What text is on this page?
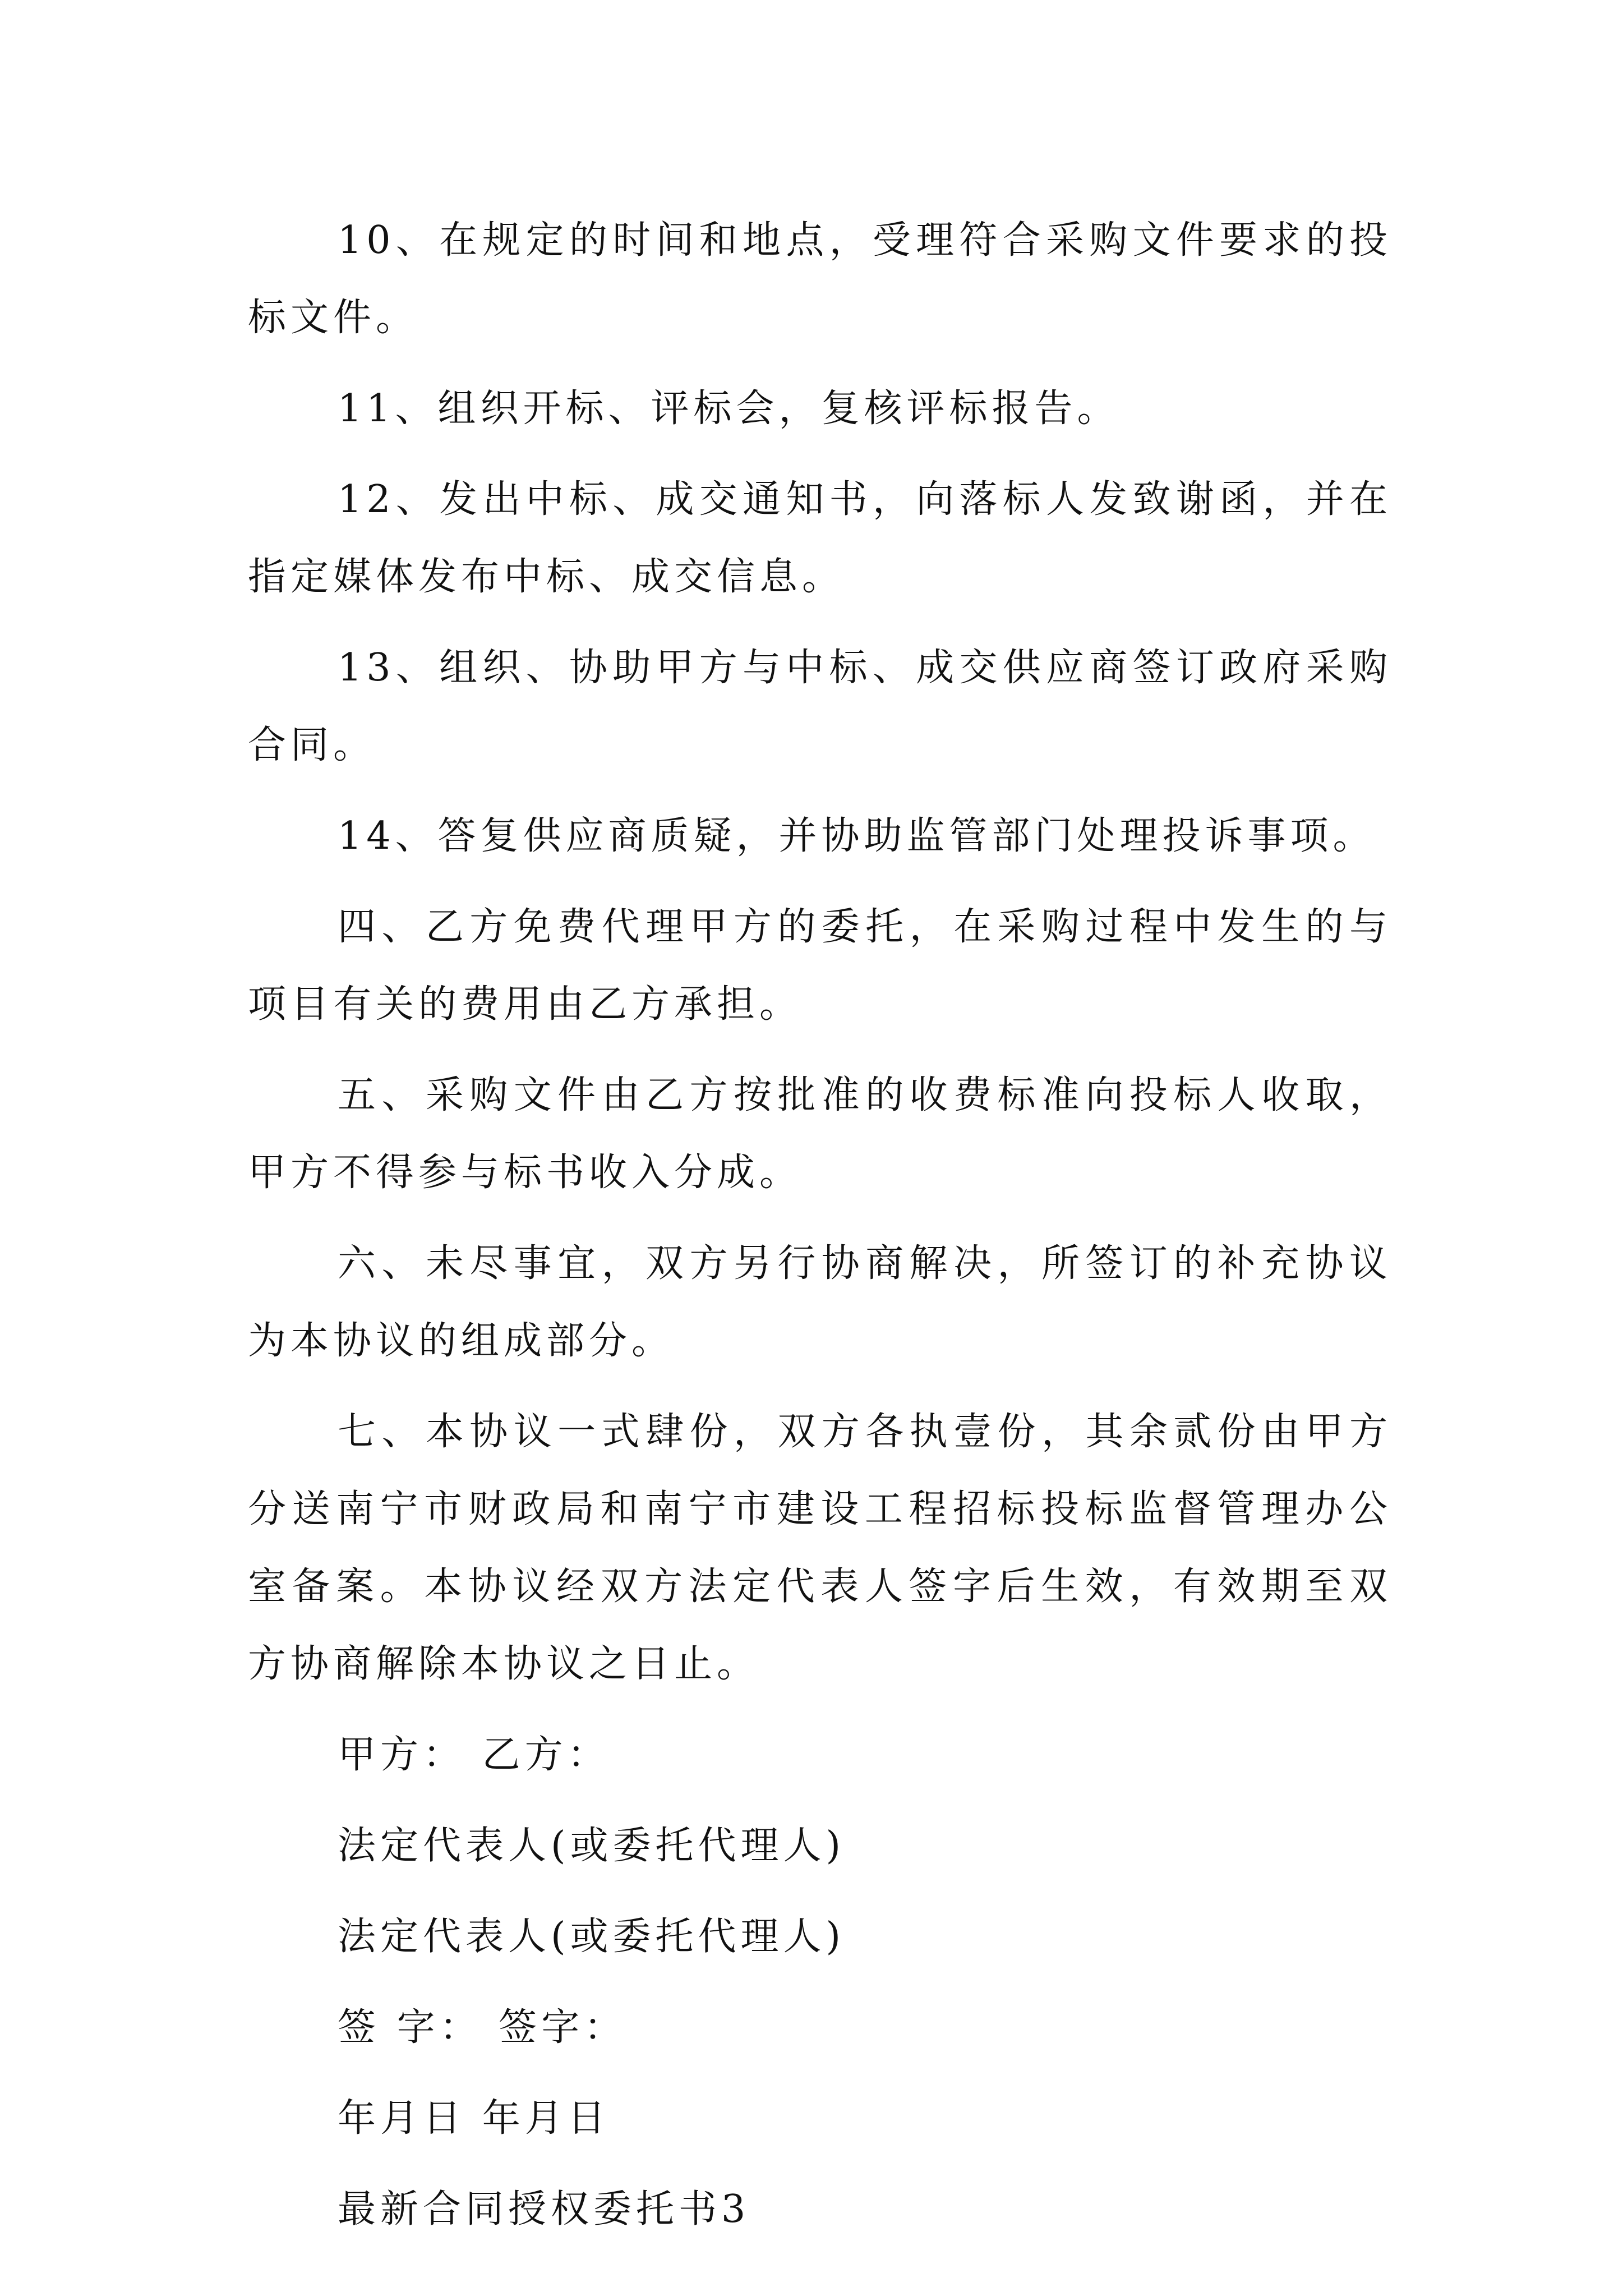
10、在规定的时间和地点，受理符合采购文件要求的投标文件。

11、组织开标、评标会，复核评标报告。

12、发出中标、成交通知书，向落标人发致谢函，并在指定媒体发布中标、成交信息。

13、组织、协助甲方与中标、成交供应商签订政府采购合同。

14、答复供应商质疑，并协助监管部门处理投诉事项。

四、乙方免费代理甲方的委托，在采购过程中发生的与项目有关的费用由乙方承担。

五、采购文件由乙方按批准的收费标准向投标人收取，甲方不得参与标书收入分成。

六、未尽事宜，双方另行协商解决，所签订的补充协议为本协议的组成部分。

七、本协议一式肆份，双方各执壹份，其余贰份由甲方分送南宁市财政局和南宁市建设工程招标投标监督管理办公室备案。本协议经双方法定代表人签字后生效，有效期至双方协商解除本协议之日止。

甲方： 乙方：

法定代表人(或委托代理人)

法定代表人(或委托代理人)

签 字： 签字：

年月日 年月日

最新合同授权委托书3
